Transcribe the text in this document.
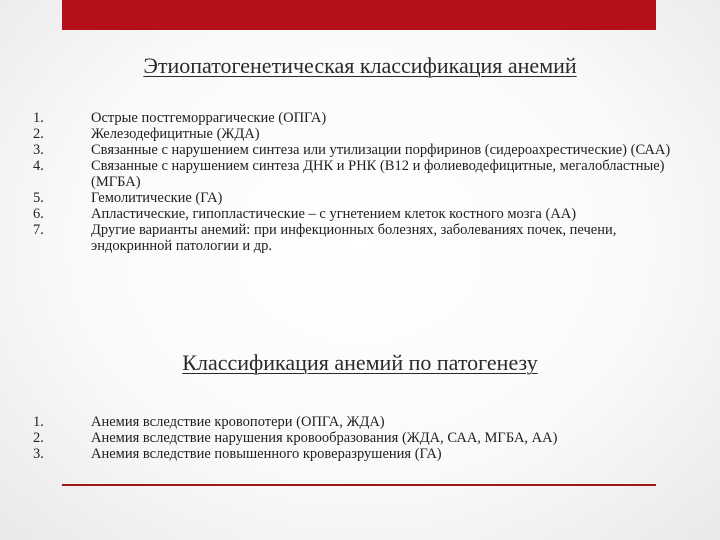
Этиопатогенетическая классификация анемий
1.	Острые постгеморрагические (ОПГА)
2.	Железодефицитные (ЖДА)
3.	Связанные с нарушением синтеза или утилизации порфиринов (сидероахрестические) (САА)
4.	Связанные с нарушением синтеза ДНК и РНК (В12 и фолиеводефицитные, мегалобластные) (МГБА)
5.	Гемолитические (ГА)
6.	Апластические, гипопластические – с угнетением клеток костного мозга (АА)
7.	Другие варианты анемий: при инфекционных болезнях, заболеваниях почек, печени, эндокринной патологии и др.
Классификация анемий по патогенезу
1.	Анемия вследствие кровопотери (ОПГА, ЖДА)
2.	Анемия вследствие нарушения кровообразования (ЖДА, САА, МГБА, АА)
3.	Анемия вследствие повышенного кроверазрушения (ГА)
